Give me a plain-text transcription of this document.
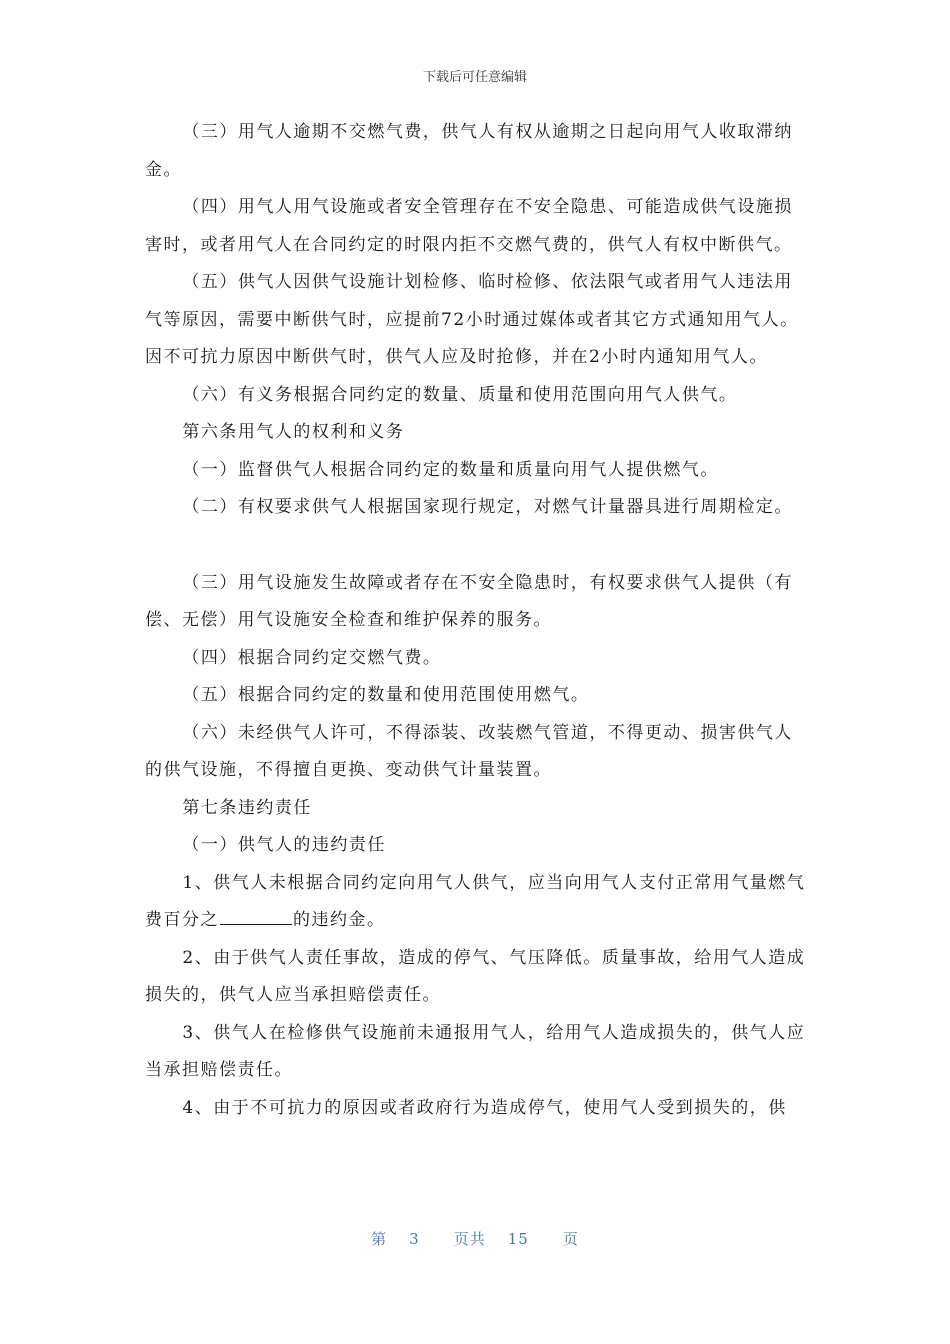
下载后可任意编辑

（三）用气人逾期不交燃气费，供气人有权从逾期之日起向用气人收取滞纳金。

（四）用气人用气设施或者安全管理存在不安全隐患、可能造成供气设施损害时，或者用气人在合同约定的时限内拒不交燃气费的，供气人有权中断供气。

（五）供气人因供气设施计划检修、临时检修、依法限气或者用气人违法用气等原因，需要中断供气时，应提前72小时通过媒体或者其它方式通知用气人。因不可抗力原因中断供气时，供气人应及时抢修，并在2小时内通知用气人。

（六）有义务根据合同约定的数量、质量和使用范围向用气人供气。

第六条用气人的权利和义务

（一）监督供气人根据合同约定的数量和质量向用气人提供燃气。

（二）有权要求供气人根据国家现行规定，对燃气计量器具进行周期检定。

（三）用气设施发生故障或者存在不安全隐患时，有权要求供气人提供（有偿、无偿）用气设施安全检查和维护保养的服务。

（四）根据合同约定交燃气费。

（五）根据合同约定的数量和使用范围使用燃气。

（六）未经供气人许可，不得添装、改装燃气管道，不得更动、损害供气人的供气设施，不得擅自更换、变动供气计量装置。

第七条违约责任

（一）供气人的违约责任

1、供气人未根据合同约定向用气人供气，应当向用气人支付正常用气量燃气费百分之	的违约金。

2、由于供气人责任事故，造成的停气、气压降低。质量事故，给用气人造成损失的，供气人应当承担赔偿责任。

3、供气人在检修供气设施前未通报用气人，给用气人造成损失的，供气人应当承担赔偿责任。

4、由于不可抗力的原因或者政府行为造成停气，使用气人受到损失的，供

第 3 页共 15 页
